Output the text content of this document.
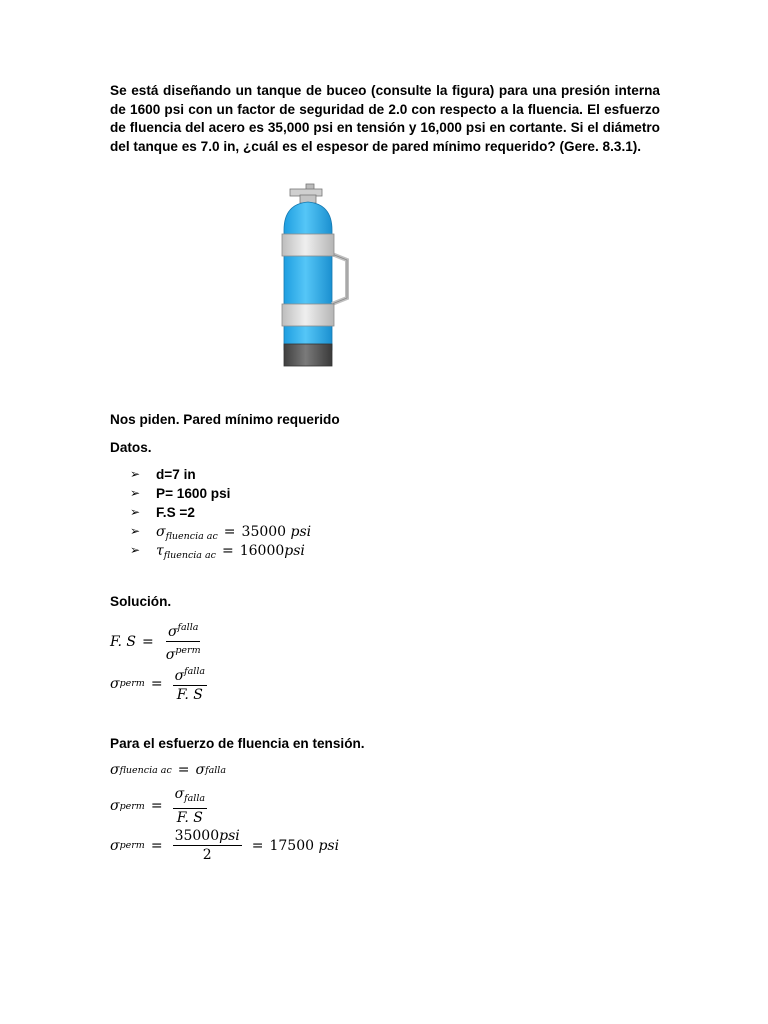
Se está diseñando un tanque de buceo (consulte la figura) para una presión interna de 1600 psi con un factor de seguridad de 2.0 con respecto a la fluencia. El esfuerzo de fluencia del acero es 35,000 psi en tensión y 16,000 psi en cortante. Si el diámetro del tanque es 7.0 in, ¿cuál es el espesor de pared mínimo requerido? (Gere. 8.3.1).

Nos piden. Pared mínimo requerido
Datos.
➢ d=7 in
➢ P= 1600 psi
➢ F.S =2
➢ $\sigma_{fluencia ac} = 35000$ psi
➢ $\tau_{fluencia ac} = 16000psi$
Solución.
F. $S = \frac{\sigma^{falla}}{\sigma^{perm}}$
σ perm = $\frac{\sigma^{falla}}{F. S}$
Para el esfuerzo de fluencia en tensión.
σ fluencia ac = σ falla
σ perm = $\frac{\sigma_{falla}}{F. S}$
σ perm = $\frac{\text{35000psi}}{2} = 17500$
psi
